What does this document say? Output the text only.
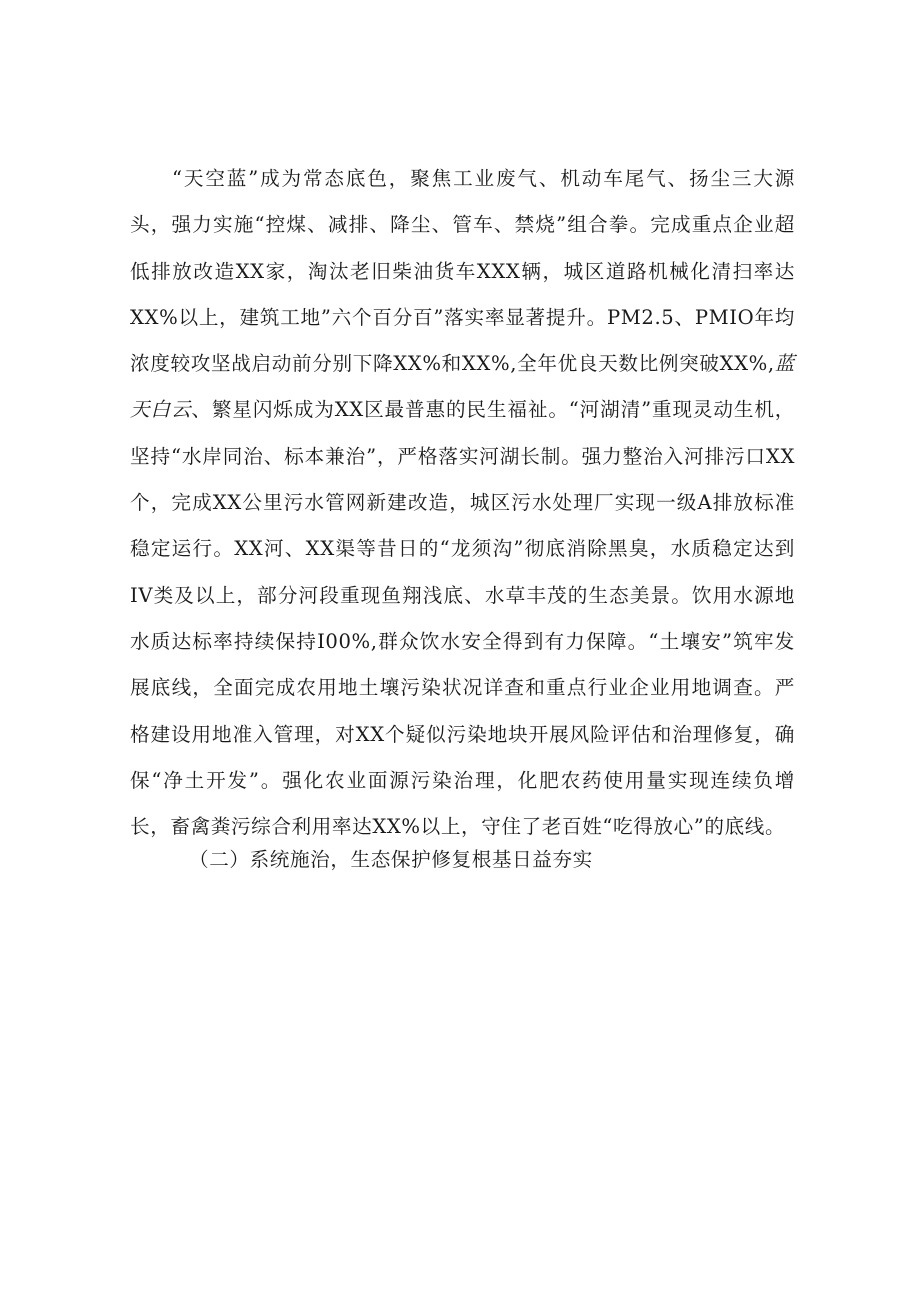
“天空蓝”成为常态底色，聚焦工业废气、机动车尾气、扬尘三大源头，强力实施“控煤、减排、降尘、管车、禁烧”组合拳。完成重点企业超低排放改造XX家，淘汰老旧柴油货车XXX辆，城区道路机械化清扫率达XX%以上，建筑工地”六个百分百”落实率显著提升。PM2.5、PMIO年均浓度较攻坚战启动前分别下降XX%和XX%,全年优良天数比例突破XX%,蓝天白云、繁星闪烁成为XX区最普惠的民生福祉。“河湖清”重现灵动生机，坚持“水岸同治、标本兼治”，严格落实河湖长制。强力整治入河排污口XX个，完成XX公里污水管网新建改造，城区污水处理厂实现一级A排放标准稳定运行。XX河、XX渠等昔日的“龙须沟”彻底消除黑臭，水质稳定达到IV类及以上，部分河段重现鱼翔浅底、水草丰茂的生态美景。饮用水源地水质达标率持续保持I00%,群众饮水安全得到有力保障。“土壤安”筑牢发展底线，全面完成农用地土壤污染状况详查和重点行业企业用地调查。严格建设用地准入管理，对XX个疑似污染地块开展风险评估和治理修复，确保“净土开发”。强化农业面源污染治理，化肥农药使用量实现连续负增长，畜禽粪污综合利用率达XX%以上，守住了老百姓“吃得放心”的底线。

（二）系统施治，生态保护修复根基日益夯实
